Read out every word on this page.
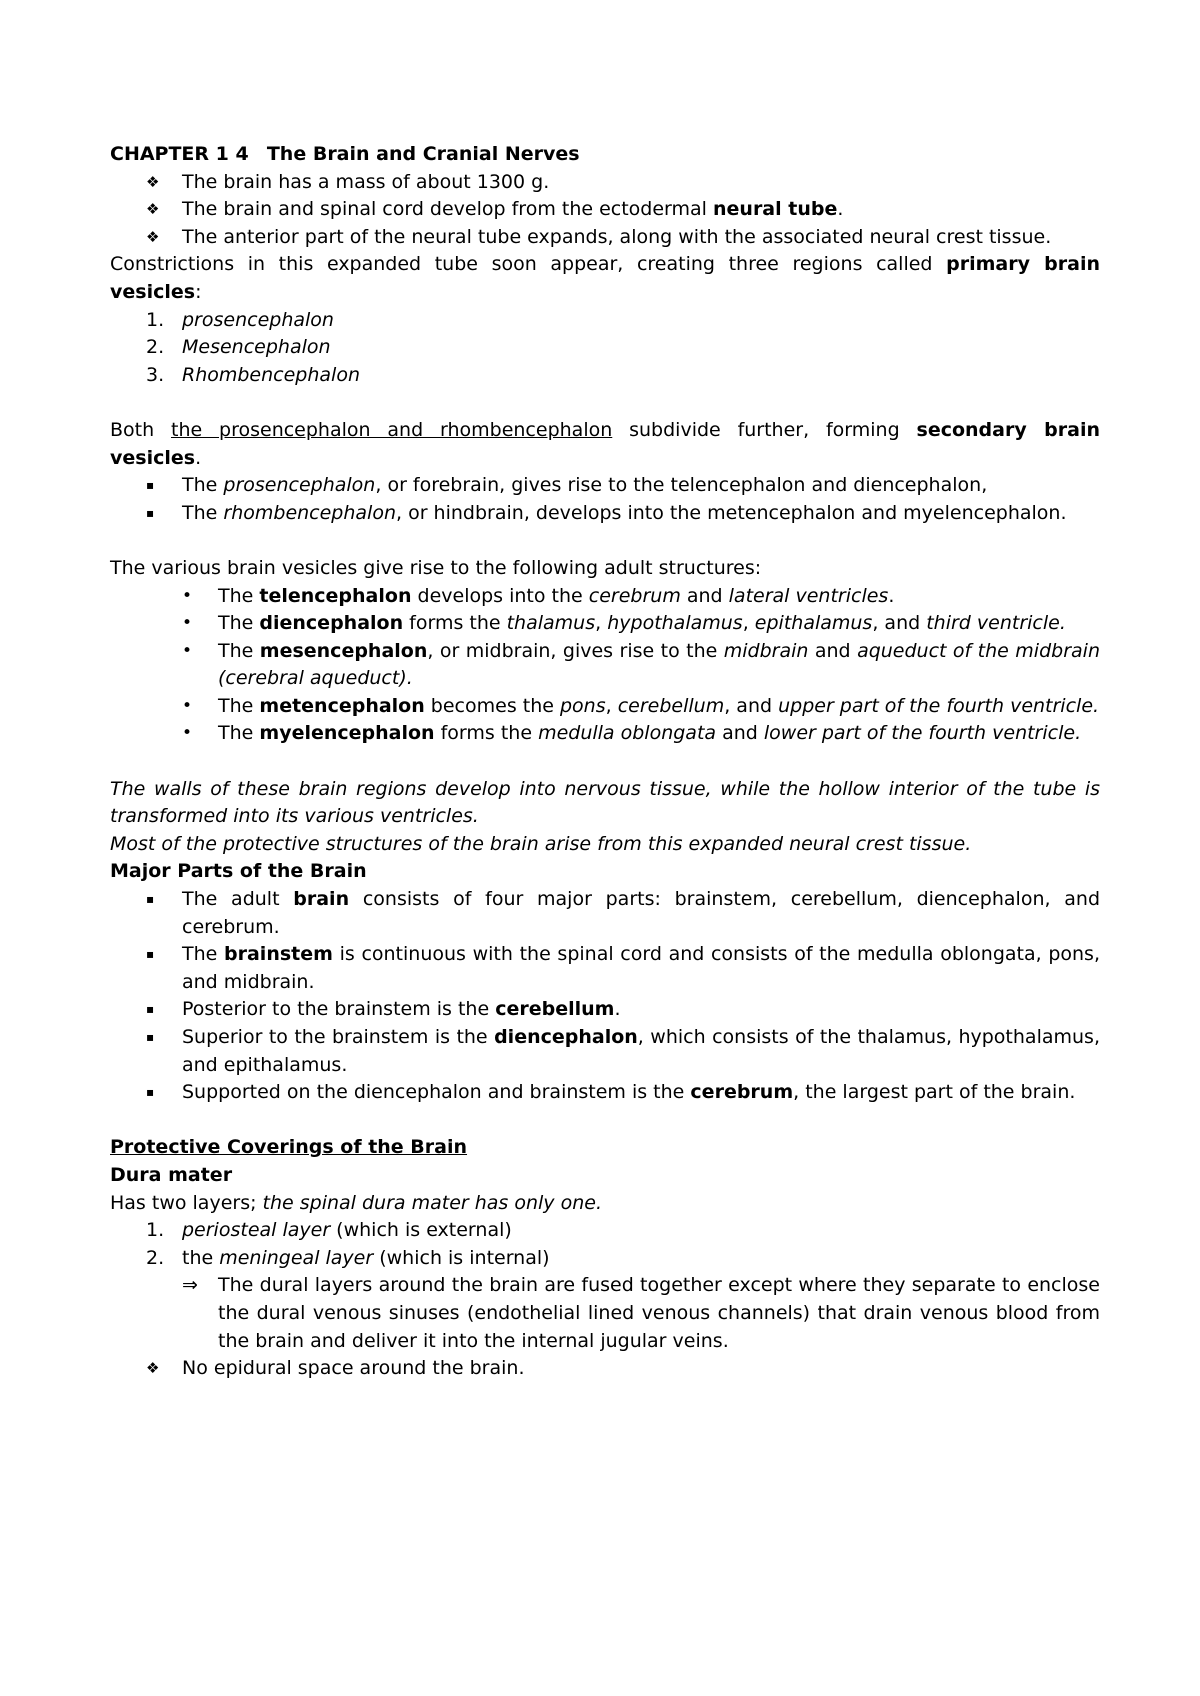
CHAPTER 1 4 The Brain and Cranial Nerves

❖ The brain has a mass of about 1300 g.
❖ The brain and spinal cord develop from the ectodermal neural tube.
❖ The anterior part of the neural tube expands, along with the associated neural crest tissue.

Constrictions in this expanded tube soon appear, creating three regions called primary brain vesicles:

1. prosencephalon
2. Mesencephalon
3. Rhombencephalon

Both the prosencephalon and rhombencephalon subdivide further, forming secondary brain vesicles.

▪ The prosencephalon, or forebrain, gives rise to the telencephalon and diencephalon,
▪ The rhombencephalon, or hindbrain, develops into the metencephalon and myelencephalon.

The various brain vesicles give rise to the following adult structures:

• The telencephalon develops into the cerebrum and lateral ventricles.
• The diencephalon forms the thalamus, hypothalamus, epithalamus, and third ventricle.
• The mesencephalon, or midbrain, gives rise to the midbrain and aqueduct of the midbrain (cerebral aqueduct).
• The metencephalon becomes the pons, cerebellum, and upper part of the fourth ventricle.
• The myelencephalon forms the medulla oblongata and lower part of the fourth ventricle.

The walls of these brain regions develop into nervous tissue, while the hollow interior of the tube is transformed into its various ventricles.

Most of the protective structures of the brain arise from this expanded neural crest tissue.

Major Parts of the Brain

▪ The adult brain consists of four major parts: brainstem, cerebellum, diencephalon, and cerebrum.
▪ The brainstem is continuous with the spinal cord and consists of the medulla oblongata, pons, and midbrain.
▪ Posterior to the brainstem is the cerebellum.
▪ Superior to the brainstem is the diencephalon, which consists of the thalamus, hypothalamus, and epithalamus.
▪ Supported on the diencephalon and brainstem is the cerebrum, the largest part of the brain.

Protective Coverings of the Brain

Dura mater

Has two layers; the spinal dura mater has only one.

1. periosteal layer (which is external)
2. the meningeal layer (which is internal)
⇒ The dural layers around the brain are fused together except where they separate to enclose the dural venous sinuses (endothelial lined venous channels) that drain venous blood from the brain and deliver it into the internal jugular veins.
❖ No epidural space around the brain.
